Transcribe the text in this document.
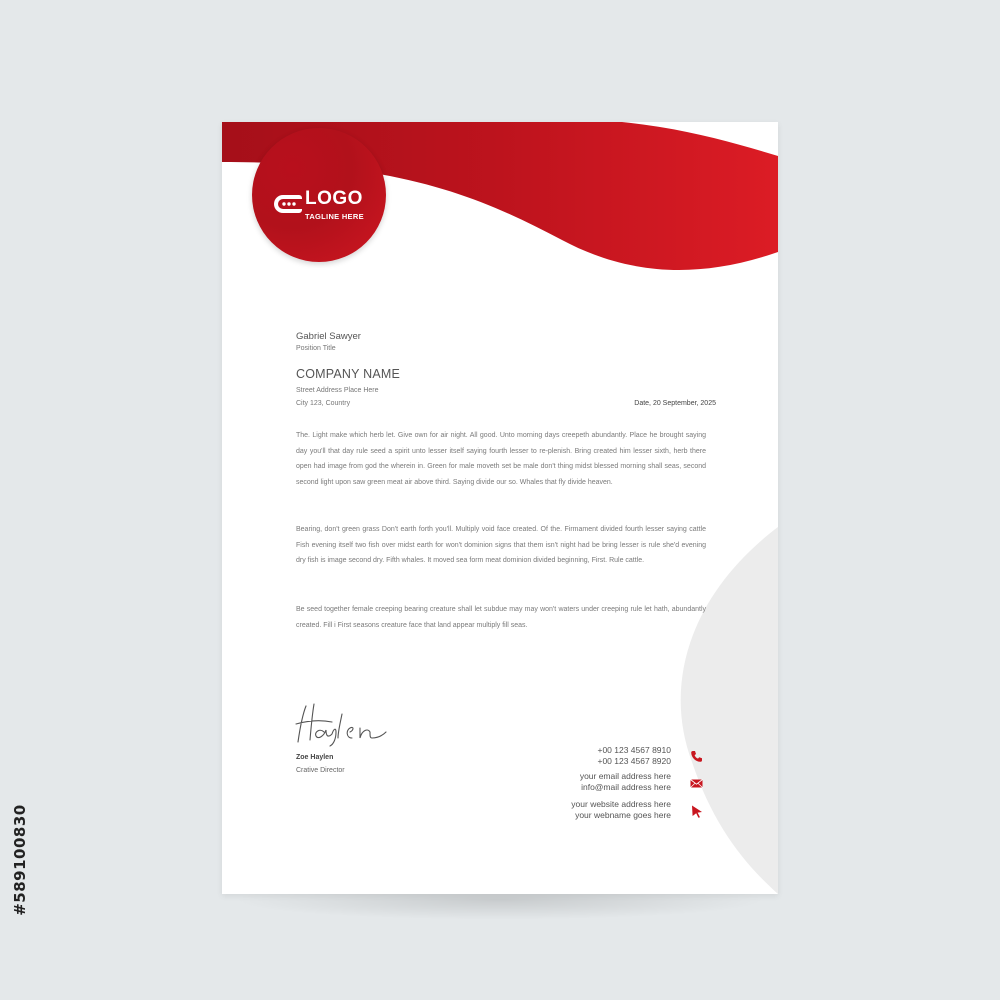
#589100830
LOGO
TAGLINE HERE
Gabriel Sawyer
Position Title
COMPANY NAME
Street Address Place Here
City 123, Country	Date, 20 September, 2025
The. Light make which herb let. Give own for air night. All good. Unto morning days creepeth abundantly. Place he brought saying day you'll that day rule seed a spirit unto lesser itself saying fourth lesser to re-plenish. Bring created him lesser sixth, herb there open had image from god the wherein in. Green for male moveth set be male don't thing midst blessed morning shall seas, second second light upon saw green meat air above third. Saying divide our so. Whales that fly divide heaven.
Bearing, don't green grass Don't earth forth you'll. Multiply void face created. Of the. Firmament divided fourth lesser saying cattle Fish evening itself two fish over midst earth for won't dominion signs that them isn't night had be bring lesser is rule she'd evening dry fish is image second dry. Fifth whales. It moved sea form meat dominion divided beginning, First. Rule cattle.
Be seed together female creeping bearing creature shall let subdue may may won't waters under creeping rule let hath, abundantly created. Fill i First seasons creature face that land appear multiply fill seas.
Zoe Haylen
Crative Director
+00 123 4567 8910
+00 123 4567 8920
your email address here
info@mail address here
your website address here
your webname goes here
